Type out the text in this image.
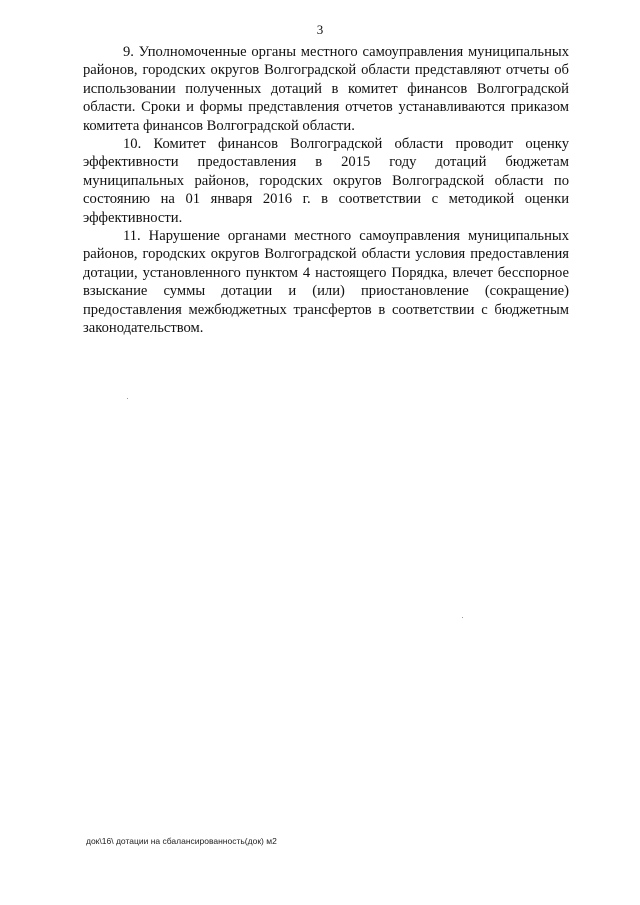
3

9. Уполномоченные органы местного самоуправления муниципальных районов, городских округов Волгоградской области представляют отчеты об использовании полученных дотаций в комитет финансов Волгоградской области. Сроки и формы представления отчетов устанавливаются приказом комитета финансов Волгоградской области.

10. Комитет финансов Волгоградской области проводит оценку эффективности предоставления в 2015 году дотаций бюджетам муниципальных районов, городских округов Волгоградской области по состоянию на 01 января 2016 г. в соответствии с методикой оценки эффективности.

11. Нарушение органами местного самоуправления муниципальных районов, городских округов Волгоградской области условия предоставления дотации, установленного пунктом 4 настоящего Порядка, влечет бесспорное взыскание суммы дотации и (или) приостановление (сокращение) предоставления межбюджетных трансфертов в соответствии с бюджетным законодательством.

док\16\ дотации на сбалансированность(док) м2
